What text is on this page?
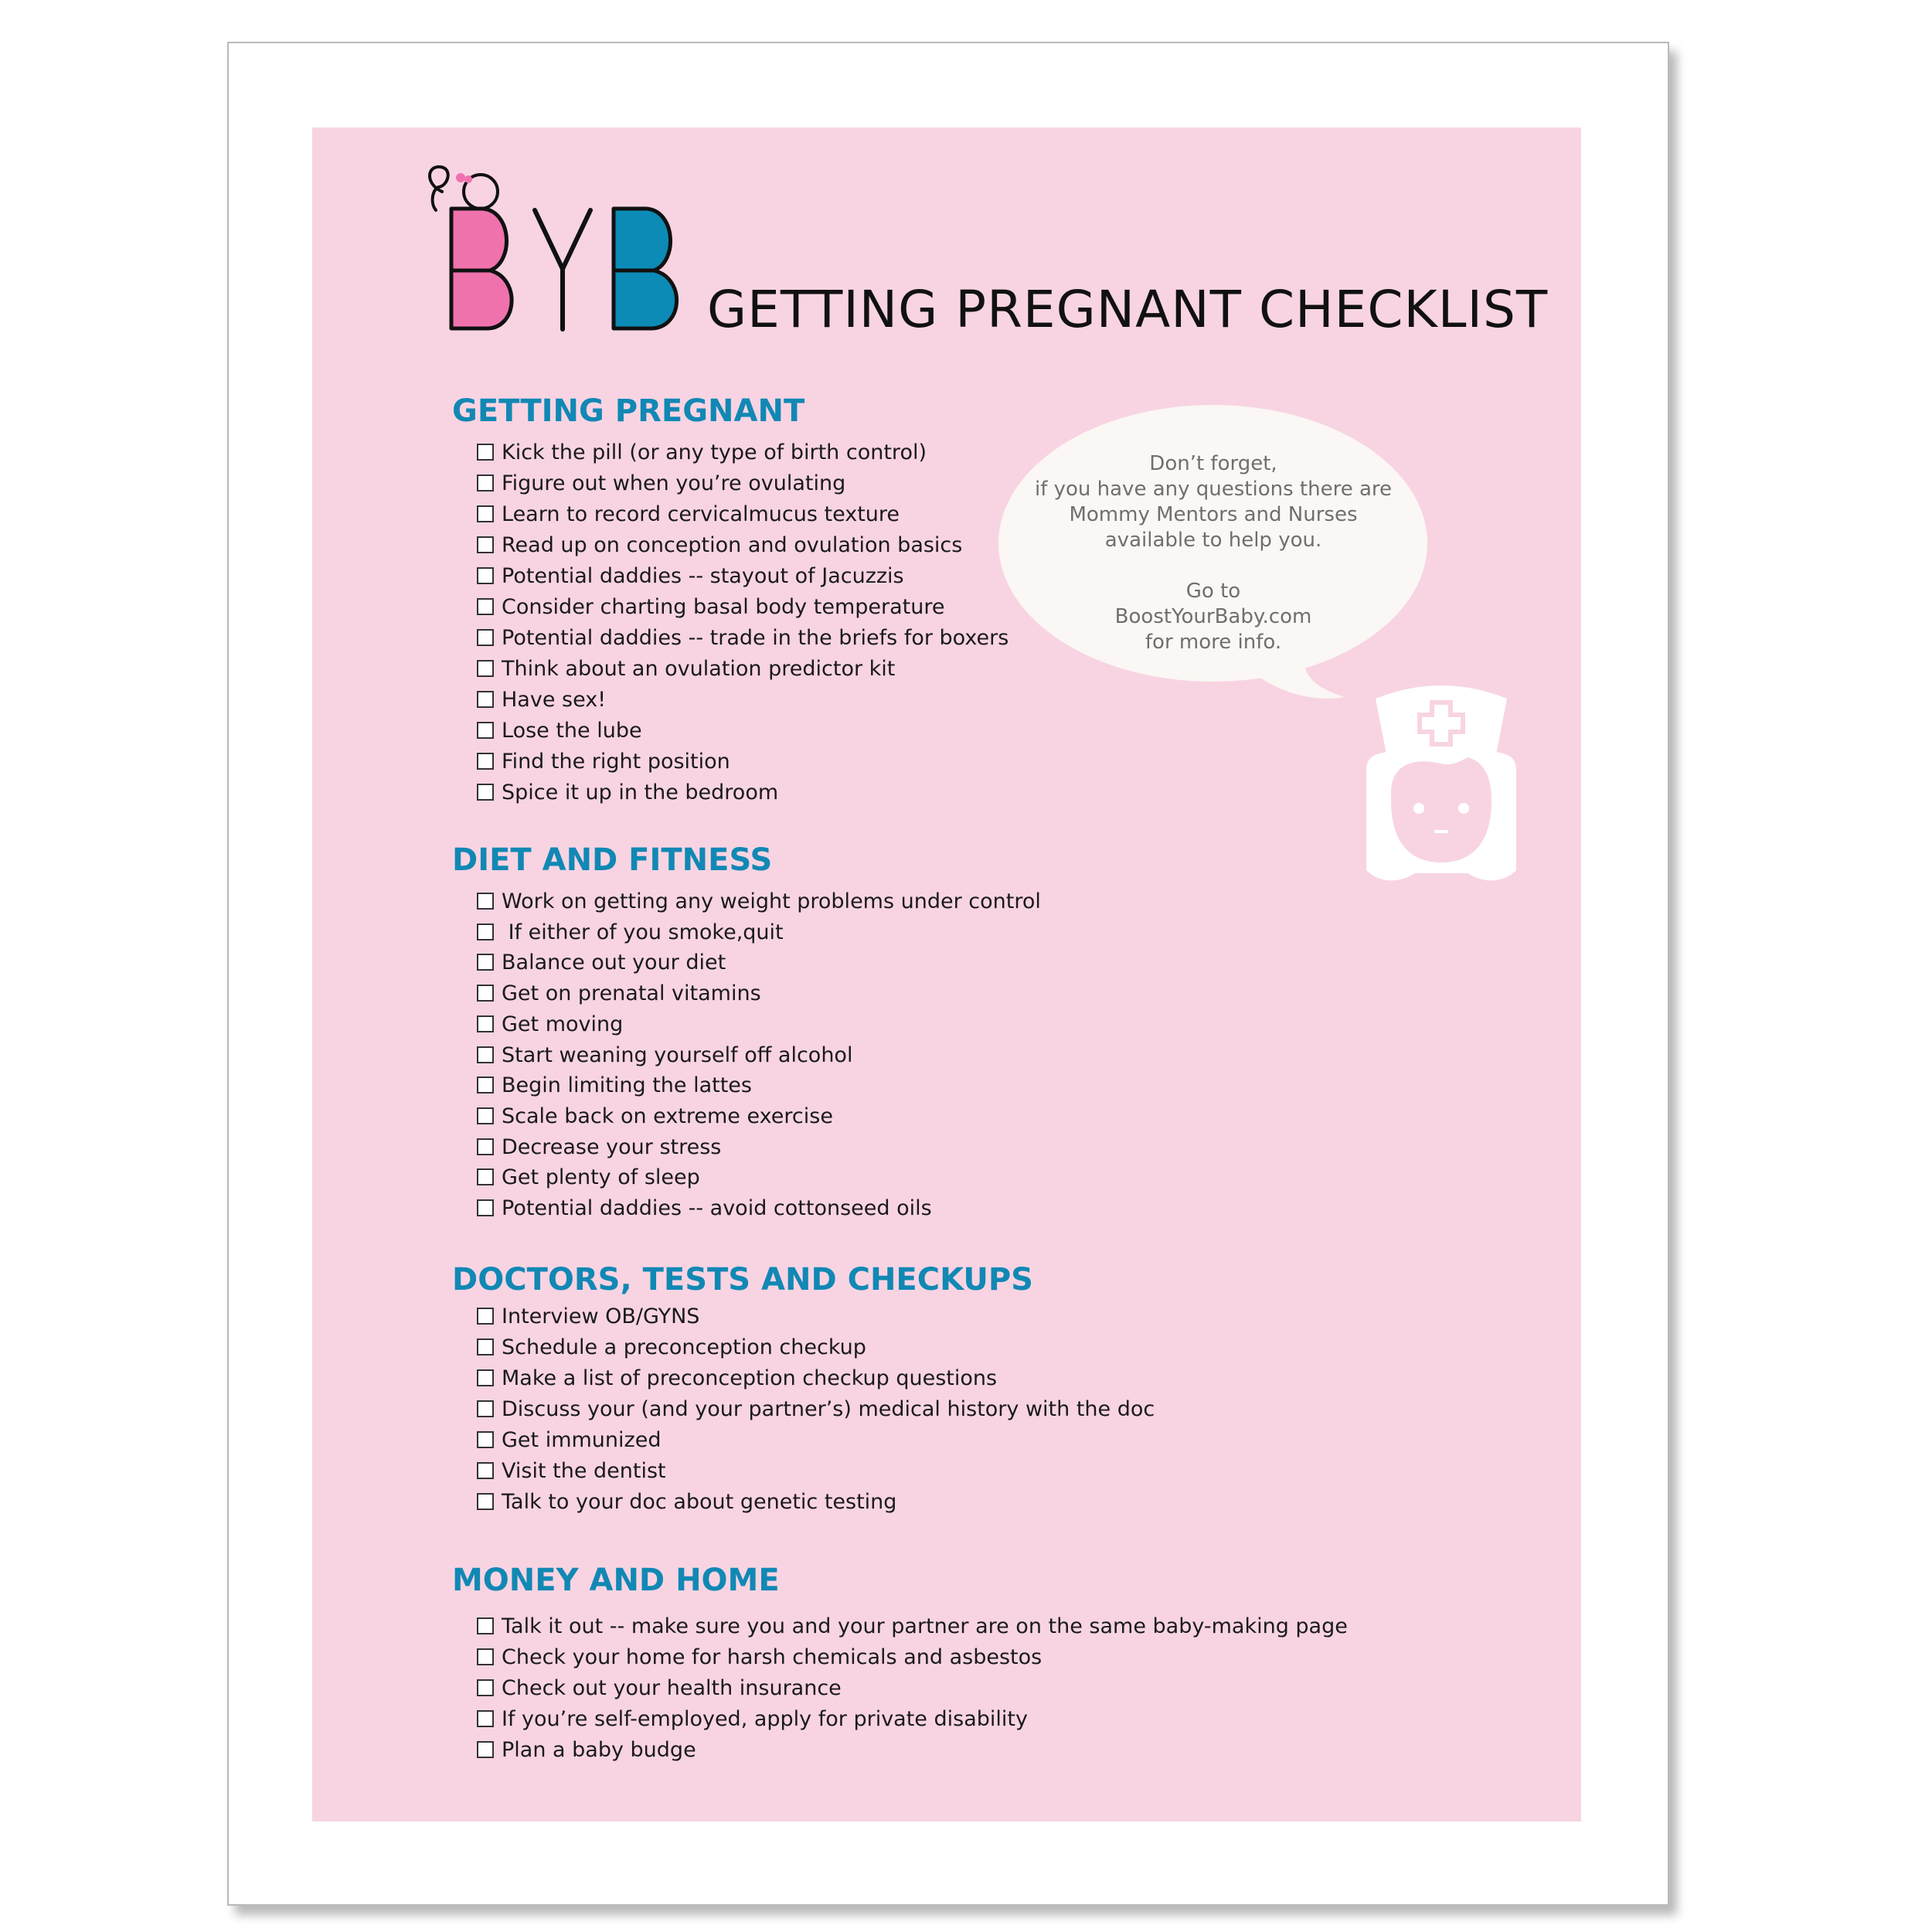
GETTING PREGNANT CHECKLIST
GETTING PREGNANT
Kick the pill (or any type of birth control)
Figure out when you’re ovulating
Learn to record cervicalmucus texture
Read up on conception and ovulation basics
Potential daddies -- stayout of Jacuzzis
Consider charting basal body temperature
Potential daddies -- trade in the briefs for boxers
Think about an ovulation predictor kit
Have sex!
Lose the lube
Find the right position
Spice it up in the bedroom
DIET AND FITNESS
Work on getting any weight problems under control
If either of you smoke,quit
Balance out your diet
Get on prenatal vitamins
Get moving
Start weaning yourself off alcohol
Begin limiting the lattes
Scale back on extreme exercise
Decrease your stress
Get plenty of sleep
Potential daddies -- avoid cottonseed oils
DOCTORS, TESTS AND CHECKUPS
Interview OB/GYNS
Schedule a preconception checkup
Make a list of preconception checkup questions
Discuss your (and your partner’s) medical history with the doc
Get immunized
Visit the dentist
Talk to your doc about genetic testing
MONEY AND HOME
Talk it out -- make sure you and your partner are on the same baby-making page
Check your home for harsh chemicals and asbestos
Check out your health insurance
If you’re self-employed, apply for private disability
Plan a baby budge
Don’t forget,
if you have any questions there are
Mommy Mentors and Nurses
available to help you.
Go to
BoostYourBaby.com
for more info.
